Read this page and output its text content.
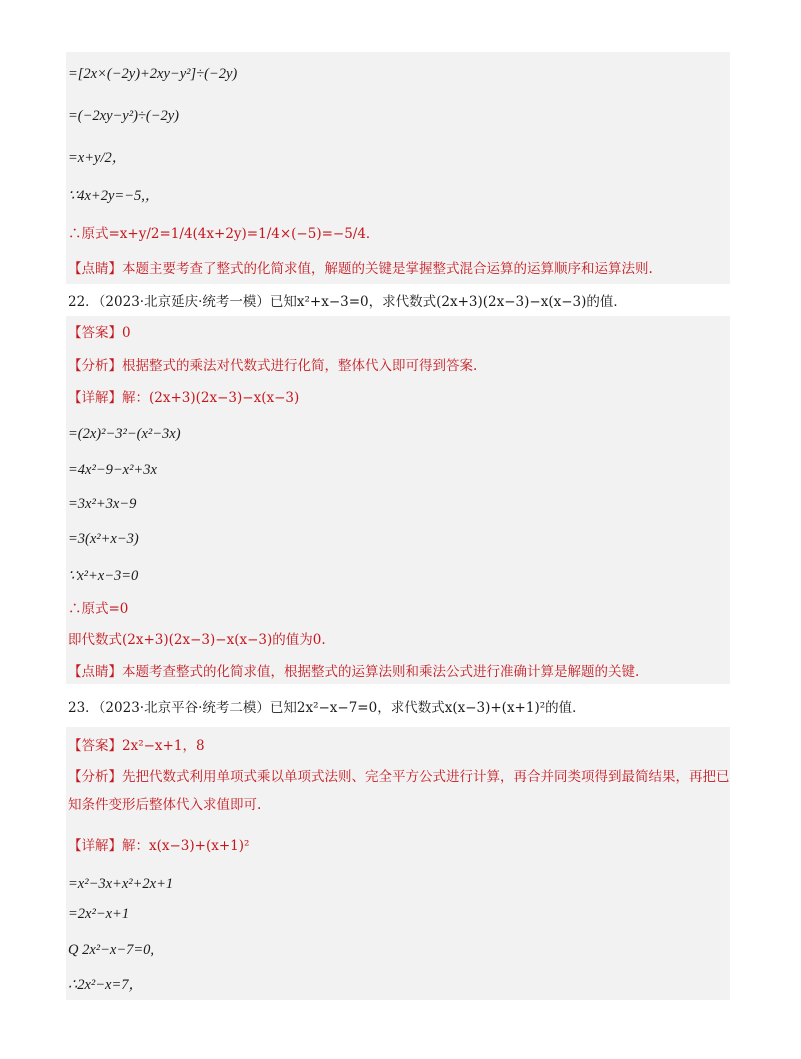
=[2x×(−2y)+2xy−y²]÷(−2y)
=(−2xy−y²)÷(−2y)
=x+y/2，
∵4x+2y=−5,，
∴原式=x+y/2=1/4(4x+2y)=1/4×(−5)=−5/4．
【点睛】本题主要考查了整式的化简求值，解题的关键是掌握整式混合运算的运算顺序和运算法则.
22．（2023·北京延庆·统考一模）已知x²+x−3=0，求代数式(2x+3)(2x−3)−x(x−3)的值．
【答案】0
【分析】根据整式的乘法对代数式进行化简，整体代入即可得到答案.
【详解】解：(2x+3)(2x−3)−x(x−3)
=(2x)²−3²−(x²−3x)
=4x²−9−x²+3x
=3x²+3x−9
=3(x²+x−3)
∵x²+x−3=0
∴原式=0
即代数式(2x+3)(2x−3)−x(x−3)的值为0.
【点睛】本题考查整式的化简求值，根据整式的运算法则和乘法公式进行准确计算是解题的关键.
23．（2023·北京平谷·统考二模）已知2x²−x−7=0，求代数式x(x−3)+(x+1)²的值．
【答案】2x²−x+1，8
【分析】先把代数式利用单项式乘以单项式法则、完全平方公式进行计算，再合并同类项得到最简结果，再把已知条件变形后整体代入求值即可.
【详解】解：x(x−3)+(x+1)²
=x²−3x+x²+2x+1
=2x²−x+1
Q 2x²−x−7=0,
∴2x²−x=7，
